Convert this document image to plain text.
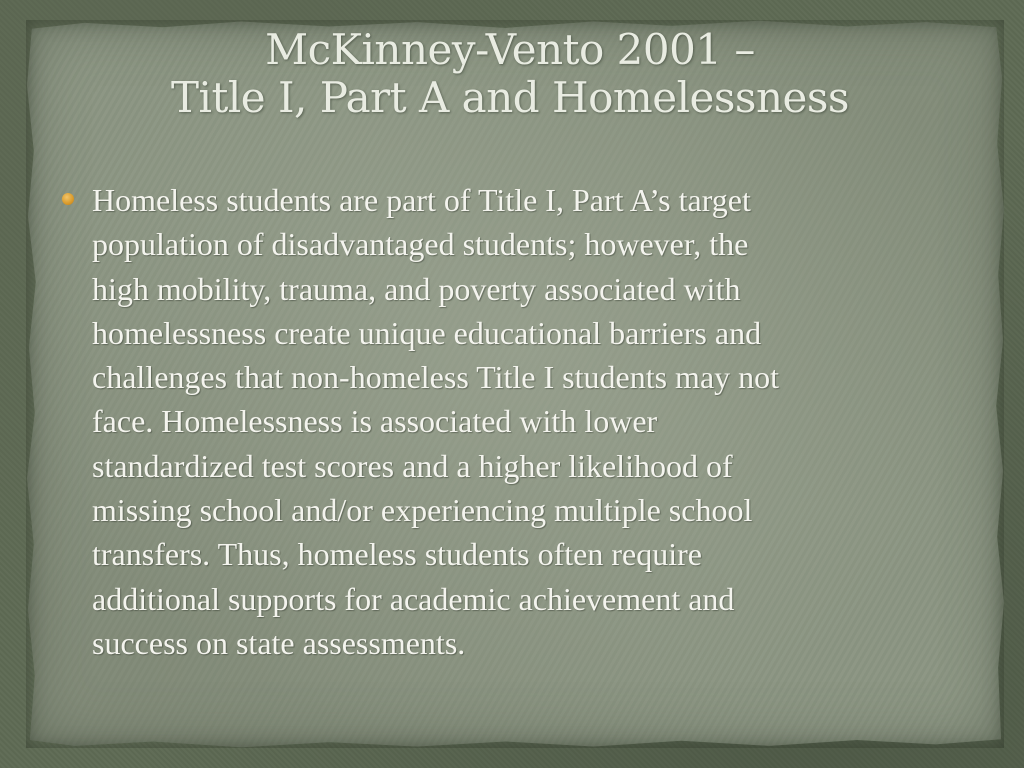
McKinney-Vento 2001 –
Title I, Part A and Homelessness
Homeless students are part of Title I, Part A’s target
population of disadvantaged students; however, the
high mobility, trauma, and poverty associated with
homelessness create unique educational barriers and
challenges that non-homeless Title I students may not
face. Homelessness is associated with lower
standardized test scores and a higher likelihood of
missing school and/or experiencing multiple school
transfers. Thus, homeless students often require
additional supports for academic achievement and
success on state assessments.
